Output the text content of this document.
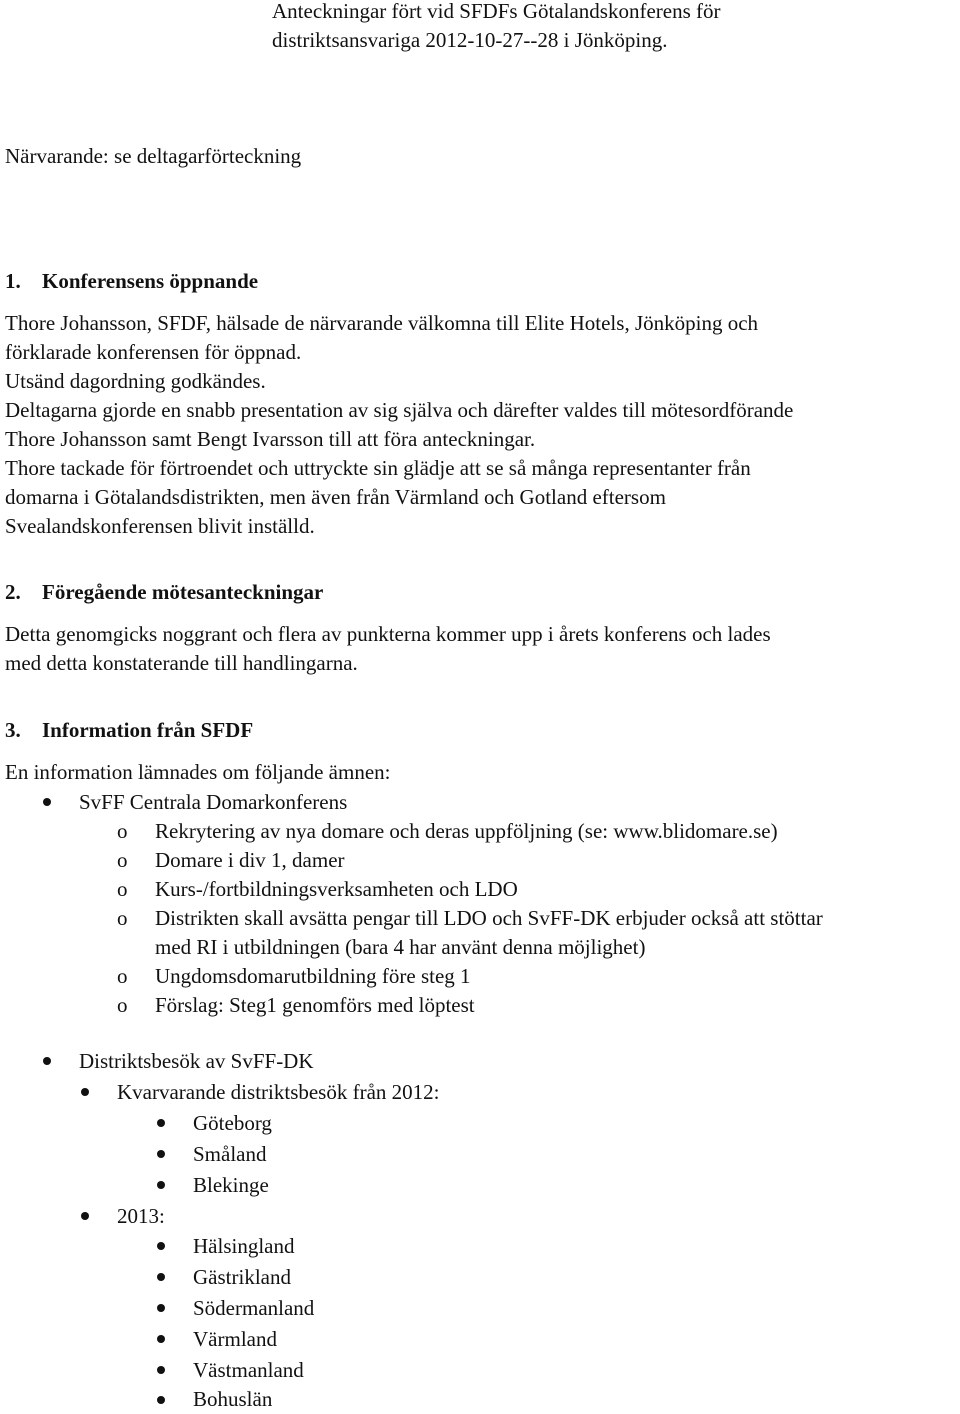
Anteckningar fört vid SFDFs Götalandskonferens för
distriktsansvariga 2012-10-27--28 i Jönköping.
Närvarande: se deltagarförteckning
1. Konferensens öppnande
Thore Johansson, SFDF, hälsade de närvarande välkomna till Elite Hotels, Jönköping och
förklarade konferensen för öppnad.
Utsänd dagordning godkändes.
Deltagarna gjorde en snabb presentation av sig själva och därefter valdes till mötesordförande
Thore Johansson samt Bengt Ivarsson till att föra anteckningar.
Thore tackade för förtroendet och uttryckte sin glädje att se så många representanter från
domarna i Götalandsdistrikten, men även från Värmland och Gotland eftersom
Svealandskonferensen blivit inställd.
2. Föregående mötesanteckningar
Detta genomgicks noggrant och flera av punkterna kommer upp i årets konferens och lades
med detta konstaterande till handlingarna.
3. Information från SFDF
En information lämnades om följande ämnen:
SvFF Centrala Domarkonferens
o Rekrytering av nya domare och deras uppföljning (se: www.blidomare.se)
o Domare i div 1, damer
o Kurs-/fortbildningsverksamheten och LDO
o Distrikten skall avsätta pengar till LDO och SvFF-DK erbjuder också att stöttar
med RI i utbildningen (bara 4 har använt denna möjlighet)
o Ungdomsdomarutbildning före steg 1
o Förslag: Steg1 genomförs med löptest
Distriktsbesök av SvFF-DK
Kvarvarande distriktsbesök från 2012:
Göteborg
Småland
Blekinge
2013:
Hälsingland
Gästrikland
Södermanland
Värmland
Västmanland
Bohuslän
